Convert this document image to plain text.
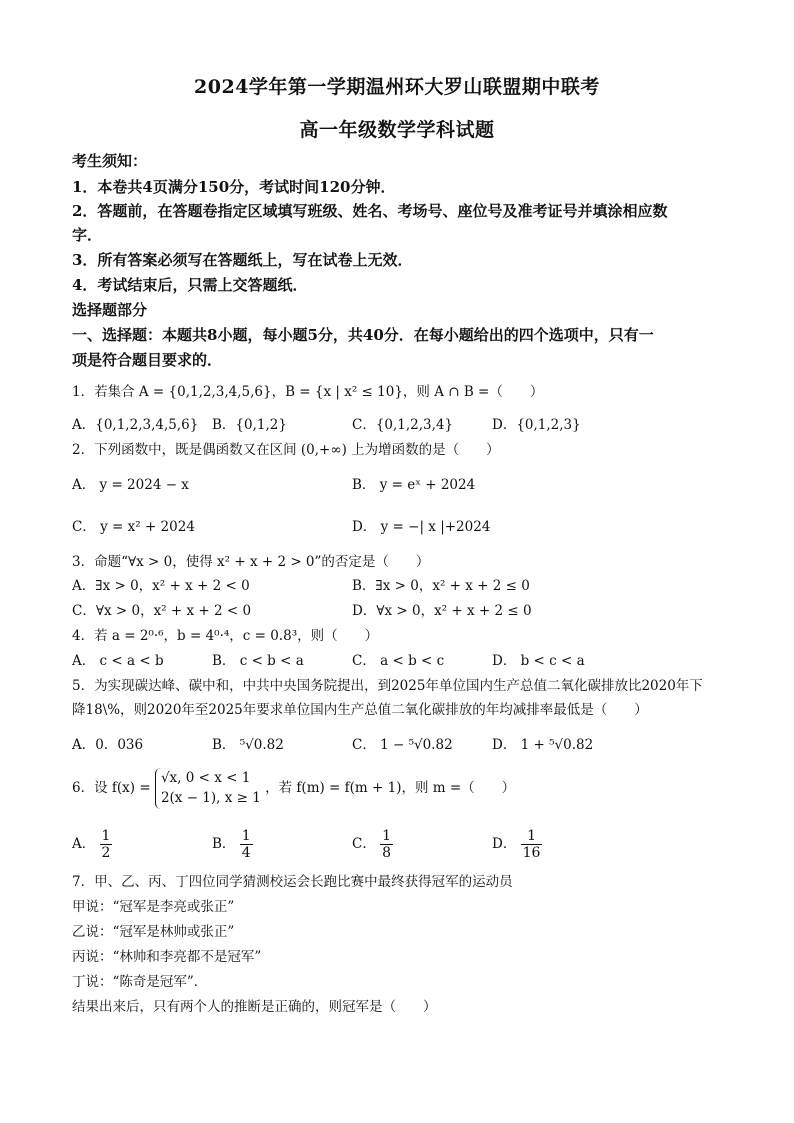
2024学年第一学期温州环大罗山联盟期中联考
高一年级数学学科试题
考生须知：
1．本卷共4页满分150分，考试时间120分钟．
2．答题前，在答题卷指定区域填写班级、姓名、考场号、座位号及准考证号并填涂相应数
字．
3．所有答案必须写在答题纸上，写在试卷上无效．
4．考试结束后，只需上交答题纸．
选择题部分
一、选择题：本题共8小题，每小题5分，共40分．在每小题给出的四个选项中，只有一
项是符合题目要求的．
1．若集合 A = {0,1,2,3,4,5,6}，B = {x | x² ≤ 10}，则 A ∩ B =（　　）
A．{0,1,2,3,4,5,6} B．{0,1,2}	C．{0,1,2,3,4}	D．{0,1,2,3}
2．下列函数中，既是偶函数又在区间 (0,+∞) 上为增函数的是（　　）
A． y = 2024 − x	B． y = eˣ + 2024
C． y = x² + 2024	D． y = −| x |+2024
3．命题“∀x > 0，使得 x² + x + 2 > 0”的否定是（　　）
A．∃x > 0，x² + x + 2 < 0	B．∃x > 0，x² + x + 2 ≤ 0
C．∀x > 0，x² + x + 2 < 0	D．∀x > 0，x² + x + 2 ≤ 0
4．若 a = 2⁰·⁶，b = 4⁰·⁴，c = 0.8³，则（　　）
A． c < a < b	B． c < b < a	C． a < b < c	D． b < c < a
5．为实现碳达峰、碳中和，中共中央国务院提出，到2025年单位国内生产总值二氧化碳排放比2020年下
降18\%，则2020年至2025年要求单位国内生产总值二氧化碳排放的年均减排率最低是（　　）
A．0．036	B． ⁵√0.82	C． 1 − ⁵√0.82	D． 1 + ⁵√0.82
6．设 f(x) =
√x, 0 < x < 1
2(x − 1), x ≥ 1
，若 f(m) = f(m + 1)，则 m =（　　）
A． $\frac{1}{2}$	B． $\frac{1}{4}$	C． $\frac{1}{8}$	D． $\frac{1}{16}$
7．甲、乙、丙、丁四位同学猜测校运会长跑比赛中最终获得冠军的运动员
甲说：“冠军是李亮或张正”
乙说：“冠军是林帅或张正”
丙说：“林帅和李亮都不是冠军”
丁说：“陈奇是冠军”．
结果出来后，只有两个人的推断是正确的，则冠军是（　　）
